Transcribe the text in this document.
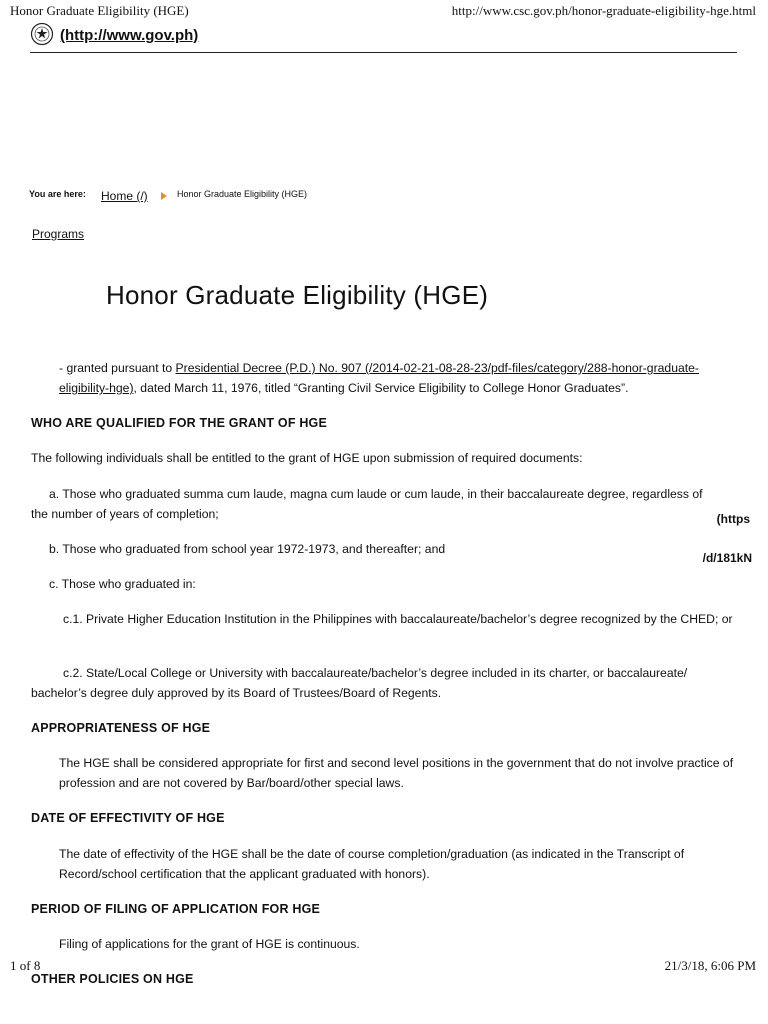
Honor Graduate Eligibility (HGE)	http://www.csc.gov.ph/honor-graduate-eligibility-hge.html
(http://www.gov.ph)
You are here: Home (/)	Honor Graduate Eligibility (HGE)
Programs
Honor Graduate Eligibility (HGE)

- granted pursuant to Presidential Decree (P.D.) No. 907 (/2014-02-21-08-28-23/pdf-files/category/288-honor-graduate-eligibility-hge), dated March 11, 1976, titled “Granting Civil Service Eligibility to College Honor Graduates”.

WHO ARE QUALIFIED FOR THE GRANT OF HGE
The following individuals shall be entitled to the grant of HGE upon submission of required documents:
a. Those who graduated summa cum laude, magna cum laude or cum laude, in their baccalaureate degree, regardless of the number of years of completion;
b. Those who graduated from school year 1972-1973, and thereafter; and
c. Those who graduated in:
c.1. Private Higher Education Institution in the Philippines with baccalaureate/bachelor’s degree recognized by the CHED; or
c.2. State/Local College or University with baccalaureate/bachelor’s degree included in its charter, or baccalaureate/ bachelor’s degree duly approved by its Board of Trustees/Board of Regents.
APPROPRIATENESS OF HGE
The HGE shall be considered appropriate for first and second level positions in the government that do not involve practice of profession and are not covered by Bar/board/other special laws.
DATE OF EFFECTIVITY OF HGE
The date of effectivity of the HGE shall be the date of course completion/graduation (as indicated in the Transcript of Record/school certification that the applicant graduated with honors).
PERIOD OF FILING OF APPLICATION FOR HGE
Filing of applications for the grant of HGE is continuous.
OTHER POLICIES ON HGE
(https
/d/181kN
1 of 8	21/3/18, 6:06 PM
